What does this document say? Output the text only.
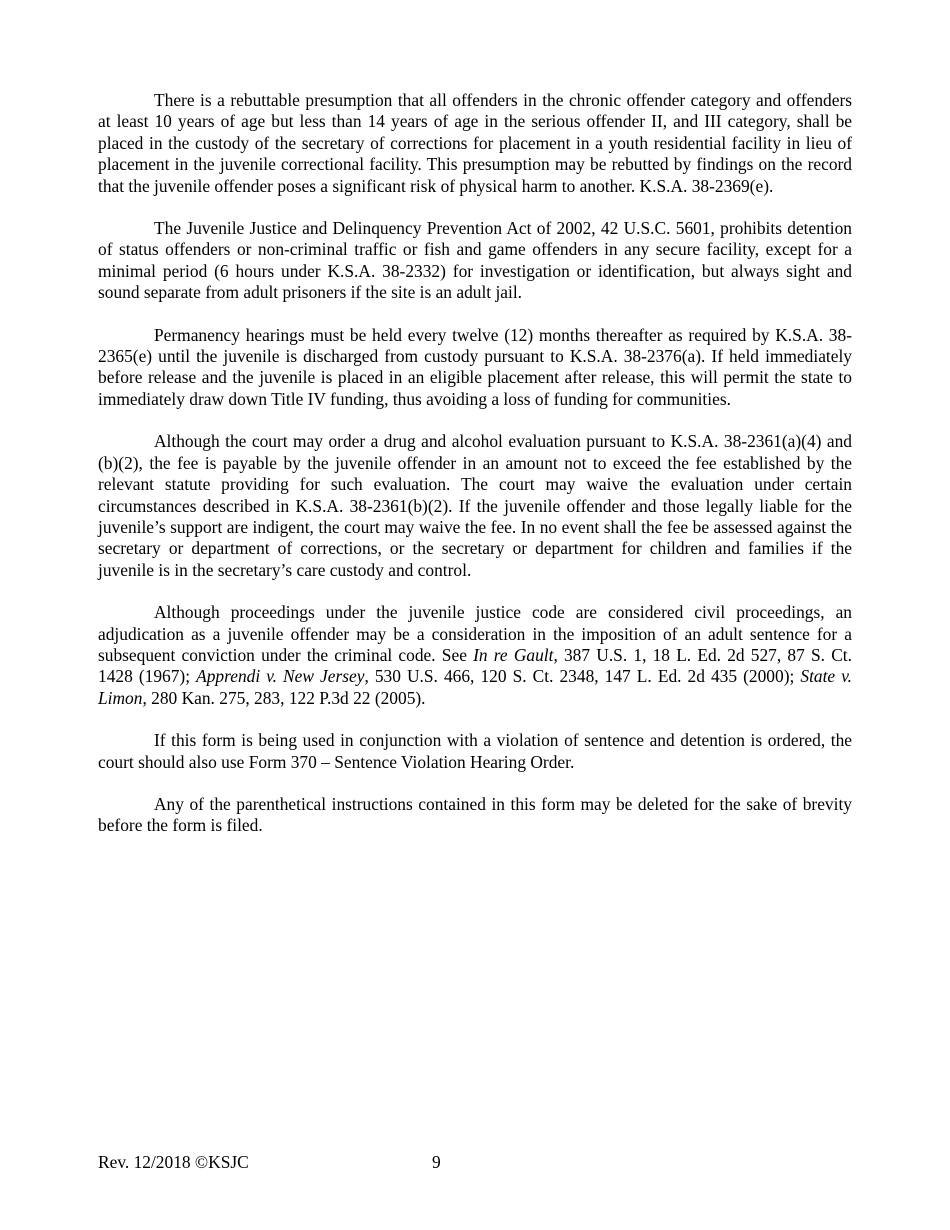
There is a rebuttable presumption that all offenders in the chronic offender category and offenders at least 10 years of age but less than 14 years of age in the serious offender II, and III category, shall be placed in the custody of the secretary of corrections for placement in a youth residential facility in lieu of placement in the juvenile correctional facility. This presumption may be rebutted by findings on the record that the juvenile offender poses a significant risk of physical harm to another. K.S.A. 38-2369(e).

The Juvenile Justice and Delinquency Prevention Act of 2002, 42 U.S.C. 5601, prohibits detention of status offenders or non-criminal traffic or fish and game offenders in any secure facility, except for a minimal period (6 hours under K.S.A. 38-2332) for investigation or identification, but always sight and sound separate from adult prisoners if the site is an adult jail.

Permanency hearings must be held every twelve (12) months thereafter as required by K.S.A. 38-2365(e) until the juvenile is discharged from custody pursuant to K.S.A. 38-2376(a). If held immediately before release and the juvenile is placed in an eligible placement after release, this will permit the state to immediately draw down Title IV funding, thus avoiding a loss of funding for communities.

Although the court may order a drug and alcohol evaluation pursuant to K.S.A. 38-2361(a)(4) and (b)(2), the fee is payable by the juvenile offender in an amount not to exceed the fee established by the relevant statute providing for such evaluation. The court may waive the evaluation under certain circumstances described in K.S.A. 38-2361(b)(2). If the juvenile offender and those legally liable for the juvenile’s support are indigent, the court may waive the fee. In no event shall the fee be assessed against the secretary or department of corrections, or the secretary or department for children and families if the juvenile is in the secretary’s care custody and control.

Although proceedings under the juvenile justice code are considered civil proceedings, an adjudication as a juvenile offender may be a consideration in the imposition of an adult sentence for a subsequent conviction under the criminal code. See In re Gault, 387 U.S. 1, 18 L. Ed. 2d 527, 87 S. Ct. 1428 (1967); Apprendi v. New Jersey, 530 U.S. 466, 120 S. Ct. 2348, 147 L. Ed. 2d 435 (2000); State v. Limon, 280 Kan. 275, 283, 122 P.3d 22 (2005).

If this form is being used in conjunction with a violation of sentence and detention is ordered, the court should also use Form 370 – Sentence Violation Hearing Order.

Any of the parenthetical instructions contained in this form may be deleted for the sake of brevity before the form is filed.

Rev. 12/2018 ©KSJC	9
